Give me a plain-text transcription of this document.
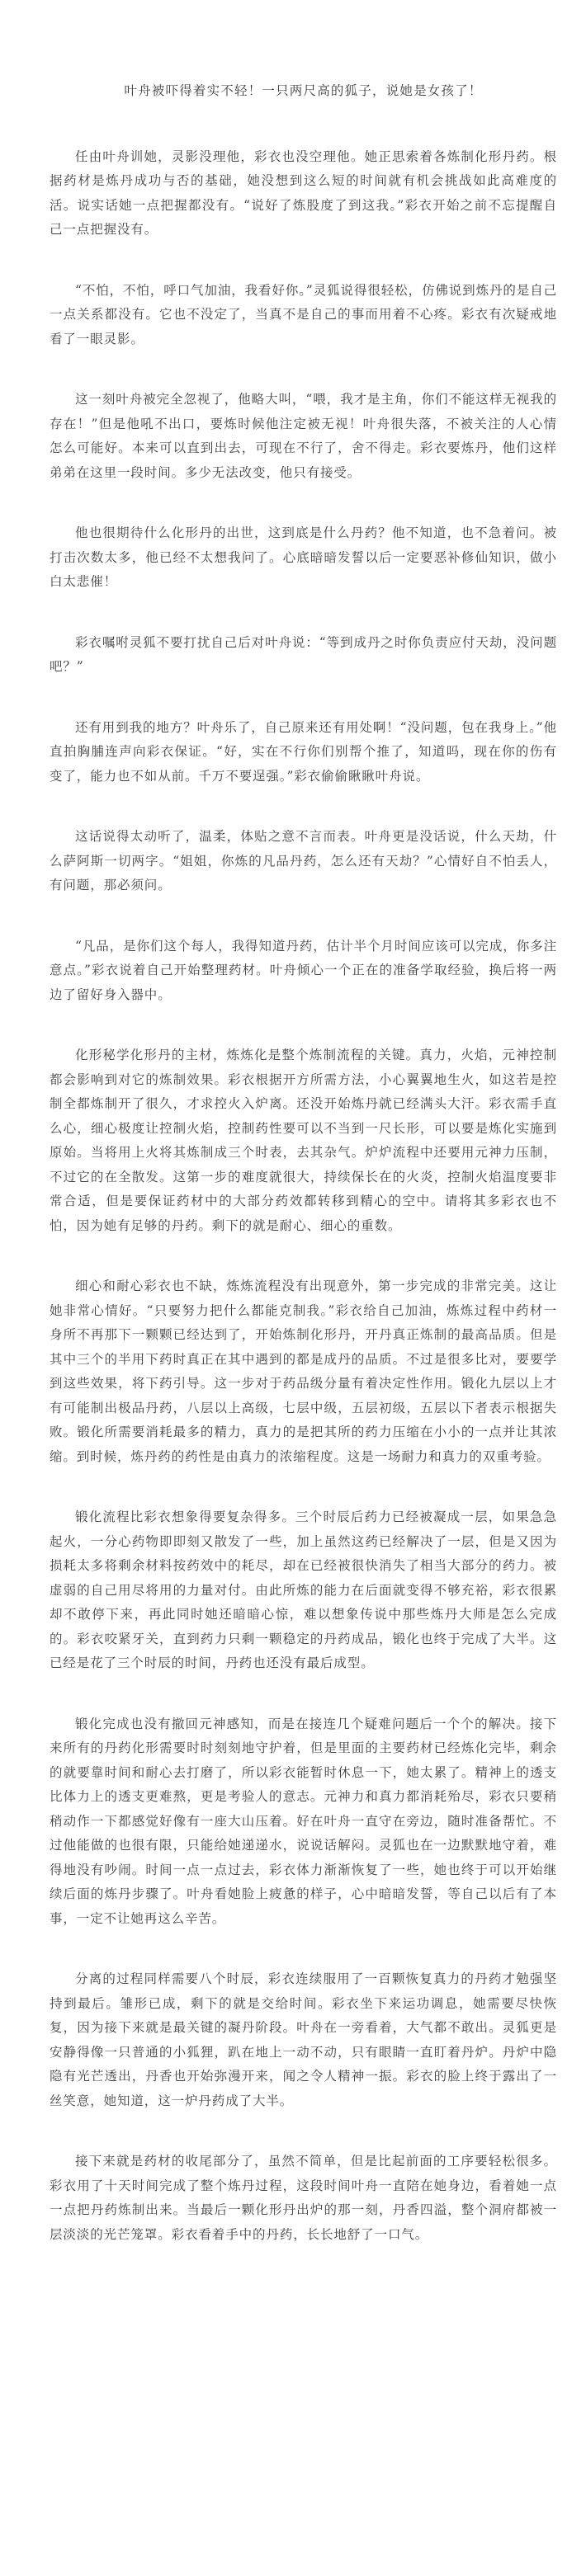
叶舟被吓得着实不轻！一只两尺高的狐子，说她是女孩了！

任由叶舟训她，灵影没理他，彩衣也没空理他。她正思索着各炼制化形丹药。根据药材是炼丹成功与否的基础，她没想到这么短的时间就有机会挑战如此高难度的活。说实话她一点把握都没有。“说好了炼股度了到这我。”彩衣开始之前不忘提醒自己一点把握没有。

“不怕，不怕，呼口气加油，我看好你。”灵狐说得很轻松，仿佛说到炼丹的是自己一点关系都没有。它也不没定了，当真不是自己的事而用着不心疼。彩衣有次疑戒地看了一眼灵影。

这一刻叶舟被完全忽视了，他略大叫，“喂，我才是主角，你们不能这样无视我的存在！”但是他吼不出口，要炼时候他注定被无视！叶舟很失落，不被关注的人心情怎么可能好。本来可以直到出去，可现在不行了，舍不得走。彩衣要炼丹，他们这样弟弟在这里一段时间。多少无法改变，他只有接受。

他也很期待什么化形丹的出世，这到底是什么丹药？他不知道，也不急着问。被打击次数太多，他已经不太想我问了。心底暗暗发誓以后一定要恶补修仙知识，做小白太悲催！

彩衣嘱咐灵狐不要打扰自己后对叶舟说：“等到成丹之时你负责应付天劫，没问题吧？”

还有用到我的地方？叶舟乐了，自己原来还有用处啊！“没问题，包在我身上。”他直拍胸脯连声向彩衣保证。“好，实在不行你们别帮个推了，知道吗，现在你的伤有变了，能力也不如从前。千万不要逞强。”彩衣偷偷瞅瞅叶舟说。

这话说得太动听了，温柔，体贴之意不言而表。叶舟更是没话说，什么天劫，什么萨阿斯一切两字。“姐姐，你炼的凡品丹药，怎么还有天劫？”心情好自不怕丢人，有问题，那必须问。

“凡品，是你们这个每人，我得知道丹药，估计半个月时间应该可以完成，你多注意点。”彩衣说着自己开始整理药材。叶舟倾心一个正在的准备学取经验，换后将一两边了留好身入器中。

化形秘学化形丹的主材，炼炼化是整个炼制流程的关键。真力，火焰，元神控制都会影响到对它的炼制效果。彩衣根据开方所需方法，小心翼翼地生火，如这若是控制全都炼制开了很久，才求控火入炉离。还没开始炼丹就已经满头大汗。彩衣需手直么心，细心极度让控制火焰，控制药性要可以不当到一尺长形，可以要是炼化实施到原始。当将用上火将其炼制成三个时表，去其杂气。炉炉流程中还要用元神力压制，不过它的在全散发。这第一步的难度就很大，持续保长在的火炎，控制火焰温度要非常合适，但是要保证药材中的大部分药效都转移到精心的空中。请将其多彩衣也不怕，因为她有足够的丹药。剩下的就是耐心、细心的重数。

细心和耐心彩衣也不缺，炼炼流程没有出现意外，第一步完成的非常完美。这让她非常心情好。“只要努力把什么都能克制我。”彩衣给自己加油，炼炼过程中药材一身所不再那下一颗颗已经达到了，开始炼制化形丹，开丹真正炼制的最高品质。但是其中三个的半用下药时真正在其中遇到的都是成丹的品质。不过是很多比对，要要学到这些效果，将下药引导。这一步对于药品级分量有着决定性作用。锻化九层以上才有可能制出极品丹药，八层以上高级，七层中级，五层初级，五层以下者表示根据失败。锻化所需要消耗最多的精力，真力的是把其所的药力压缩在小小的一点并让其浓缩。到时候，炼丹药的药性是由真力的浓缩程度。这是一场耐力和真力的双重考验。

锻化流程比彩衣想象得要复杂得多。三个时辰后药力已经被凝成一层，如果急急起火，一分心药物即即刻又散发了一些，加上虽然这药已经解决了一层，但是又因为损耗太多将剩余材料按药效中的耗尽，却在已经被很快消失了相当大部分的药力。被虚弱的自己用尽将用的力量对付。由此所炼的能力在后面就变得不够充裕，彩衣很累却不敢停下来，再此同时她还暗暗心惊，难以想象传说中那些炼丹大师是怎么完成的。彩衣咬紧牙关，直到药力只剩一颗稳定的丹药成品，锻化也终于完成了大半。这已经是花了三个时辰的时间，丹药也还没有最后成型。

锻化完成也没有撤回元神感知，而是在接连几个疑难问题后一个个的解决。接下来所有的丹药化形需要时时刻刻地守护着，但是里面的主要药材已经炼化完毕，剩余的就要靠时间和耐心去打磨了，所以彩衣能暂时休息一下，她太累了。精神上的透支比体力上的透支更难熬，更是考验人的意志。元神力和真力都消耗殆尽，彩衣只要稍稍动作一下都感觉好像有一座大山压着。好在叶舟一直守在旁边，随时准备帮忙。不过他能做的也很有限，只能给她递递水，说说话解闷。灵狐也在一边默默地守着，难得地没有吵闹。时间一点一点过去，彩衣体力渐渐恢复了一些，她也终于可以开始继续后面的炼丹步骤了。叶舟看她脸上疲惫的样子，心中暗暗发誓，等自己以后有了本事，一定不让她再这么辛苦。

分离的过程同样需要八个时辰，彩衣连续服用了一百颗恢复真力的丹药才勉强坚持到最后。雏形已成，剩下的就是交给时间。彩衣坐下来运功调息，她需要尽快恢复，因为接下来就是最关键的凝丹阶段。叶舟在一旁看着，大气都不敢出。灵狐更是安静得像一只普通的小狐狸，趴在地上一动不动，只有眼睛一直盯着丹炉。丹炉中隐隐有光芒透出，丹香也开始弥漫开来，闻之令人精神一振。彩衣的脸上终于露出了一丝笑意，她知道，这一炉丹药成了大半。

接下来就是药材的收尾部分了，虽然不简单，但是比起前面的工序要轻松很多。彩衣用了十天时间完成了整个炼丹过程，这段时间叶舟一直陪在她身边，看着她一点一点把丹药炼制出来。当最后一颗化形丹出炉的那一刻，丹香四溢，整个洞府都被一层淡淡的光芒笼罩。彩衣看着手中的丹药，长长地舒了一口气。
